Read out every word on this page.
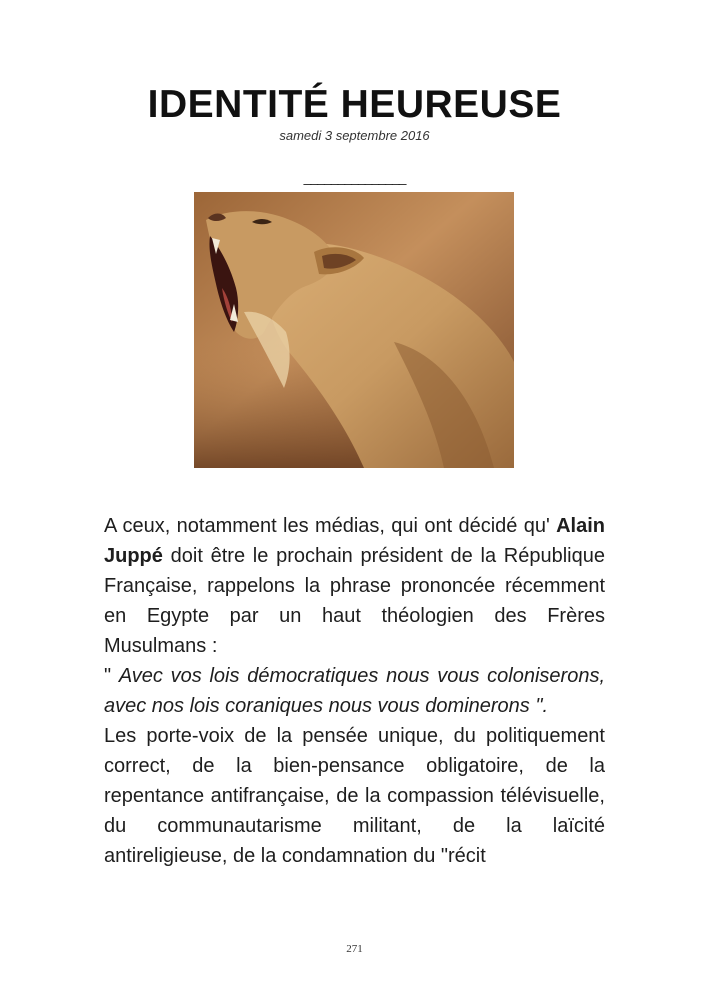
IDENTITÉ HEUREUSE
samedi 3 septembre 2016
_______________

A ceux, notamment les médias, qui ont décidé qu' Alain Juppé doit être le prochain président de la République Française, rappelons la phrase prononcée récemment en Egypte par un haut théologien des Frères Musulmans :

" Avec vos lois démocratiques nous vous coloniserons, avec nos lois coraniques nous vous dominerons ".

Les porte-voix de la pensée unique, du politiquement correct, de la bien-pensance obligatoire, de la repentance antifrançaise, de la compassion télévisuelle, du communautarisme militant, de la laïcité antireligieuse, de la condamnation du "récit

271
